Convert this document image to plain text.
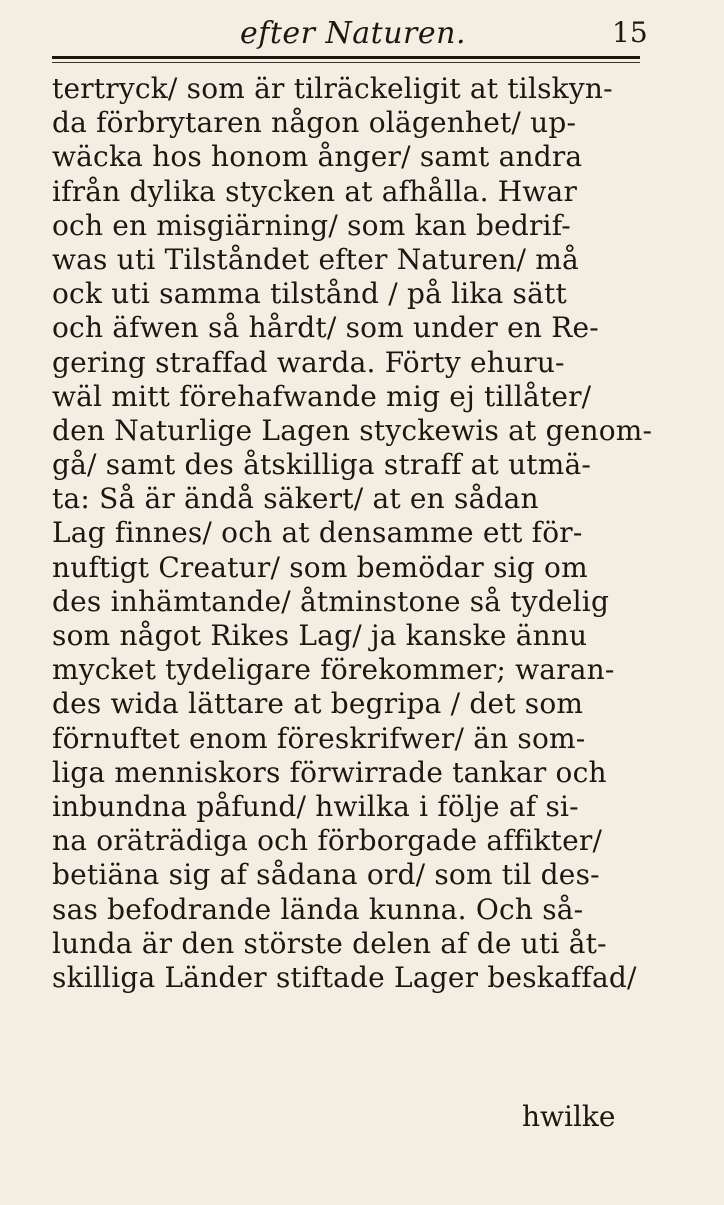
efter Naturen.	15
tertryck/ som är tilräckeligit at tilskyn-
da förbrytaren någon olägenhet/ up-
wäcka hos honom ånger/ samt andra
ifrån dylika stycken at afhålla. Hwar
och en misgiärning/ som kan bedrif-
was uti Tilståndet efter Naturen/ må
ock uti samma tilstånd / på lika sätt
och äfwen så hårdt/ som under en Re-
gering straffad warda. Förty ehuru-
wäl mitt förehafwande mig ej tillåter/
den Naturlige Lagen styckewis at genom-
gå/ samt des åtskilliga straff at utmä-
ta: Så är ändå säkert/ at en sådan
Lag finnes/ och at densamme ett för-
nuftigt Creatur/ som bemödar sig om
des inhämtande/ åtminstone så tydelig
som något Rikes Lag/ ja kanske ännu
mycket tydeligare förekommer; waran-
des wida lättare at begripa / det som
förnuftet enom föreskrifwer/ än som-
liga menniskors förwirrade tankar och
inbundna påfund/ hwilka i följe af si-
na oräträdiga och förborgade affikter/
betiäna sig af sådana ord/ som til des-
sas befodrande lända kunna. Och så-
lunda är den störste delen af de uti åt-
skilliga Länder stiftade Lager beskaffad/
hwilke
